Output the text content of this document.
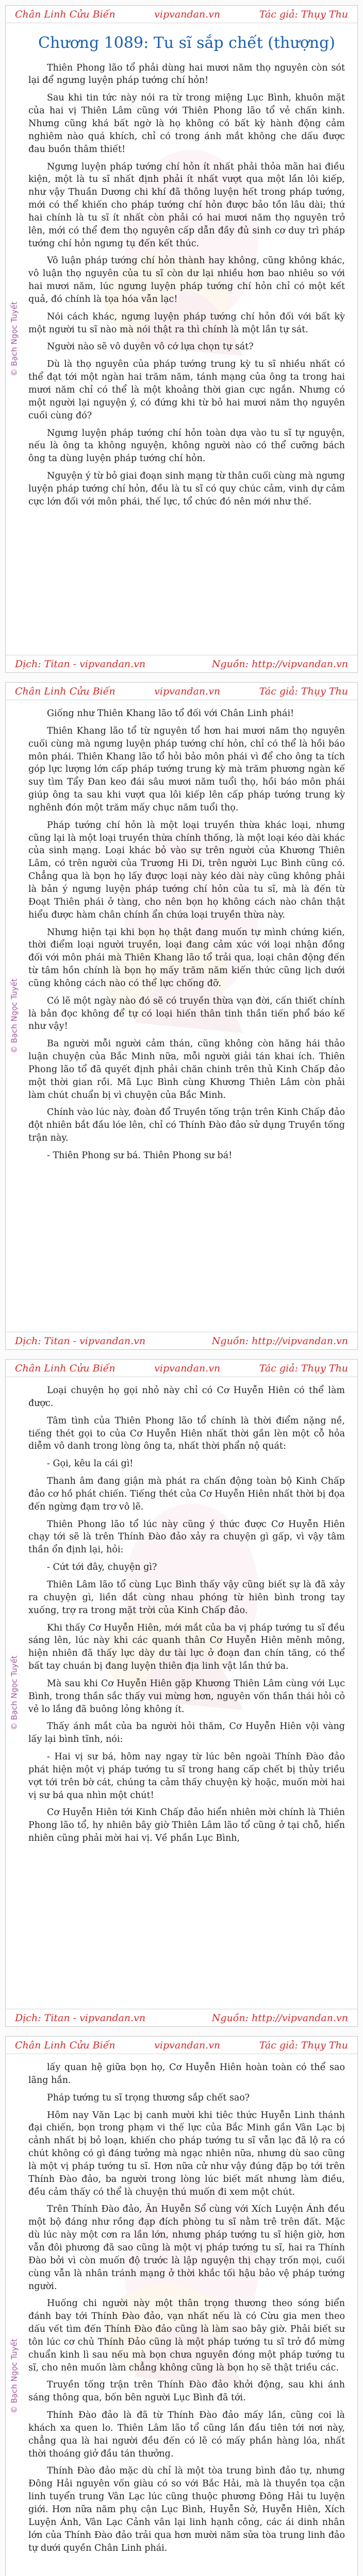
Chân Linh Cửu Biến	vipvandan.vn	Tác giả: Thụy Thu
© Bạch Ngọc Tuyết
Chương 1089: Tu sĩ sắp chết (thượng)

Thiên Phong lão tổ phải dùng hai mươi năm thọ nguyên còn sót lại để ngưng luyện pháp tướng chí hỏn!

Sau khi tin tức này nói ra từ trong miệng Lục Bình, khuôn mặt của hai vị Thiên Lâm cũng với Thiên Phong lão tổ vẻ chấn kinh. Nhưng cũng khá bất ngờ là họ không có bất kỳ hành động cảm nghiêm nào quá khích, chỉ có trong ánh mắt không che dấu được đau buồn thâm thiết!

Ngưng luyện pháp tướng chí hỏn ít nhất phải thỏa mãn hai điều kiện, một là tu sĩ nhất định phải ít nhất vượt qua một lần lôi kiếp, như vậy Thuần Dương chi khí đã thông luyện hết trong pháp tướng, mới có thể khiến cho pháp tướng chí hỏn được bảo tồn lâu dài; thứ hai chính là tu sĩ ít nhất còn phải có hai mươi năm thọ nguyên trở lên, mới có thể đem thọ nguyên cấp dẫn đầy đủ sinh cơ duy trì pháp tướng chí hỏn ngưng tụ đến kết thúc.

Vô luận pháp tướng chí hỏn thành hay không, cũng không khác, vô luận thọ nguyên của tu sĩ còn dư lại nhiều hơn bao nhiêu so với hai mươi năm, lúc ngưng luyện pháp tướng chí hỏn chỉ có một kết quả, đó chính là tọa hóa vẫn lạc!

Nói cách khác, ngưng luyện pháp tướng chí hỏn đối với bất kỳ một người tu sĩ nào mà nói thật ra thì chính là một lần tự sát.

Người nào sẽ vô duyên vô cớ lựa chọn tự sát?

Dù là thọ nguyên của pháp tướng trung kỳ tu sĩ nhiều nhất có thể đạt tới một ngàn hai trăm năm, tánh mạng của ông ta trong hai mươi năm chỉ có thể là một khoảng thời gian cực ngắn. Nhưng có một người lại nguyện ý, có đứng khi từ bỏ hai mươi năm thọ nguyên cuối cùng đó?

Ngưng luyện pháp tướng chí hỏn toàn dựa vào tu sĩ tự nguyện, nếu là ông ta không nguyện, không người nào có thể cưỡng bách ông ta dùng luyện pháp tướng chí hỏn.

Nguyện ý từ bỏ giai đoạn sinh mạng từ thân cuối cùng mà ngưng luyện pháp tướng chí hỏn, đều là tu sĩ có quy chúc cảm, vinh dự cảm cực lớn đối với môn phái, thế lực, tổ chức đó nên mới như thế.

Dịch: Titan - vipvandan.vn	Nguồn: http://vipvandan.vn
Chân Linh Cửu Biến	vipvandan.vn	Tác giả: Thụy Thu
© Bạch Ngọc Tuyết

Giống như Thiên Khang lão tổ đối với Chân Linh phái!

Thiên Khang lão tổ từ nguyên tổ hơn hai mươi năm thọ nguyên cuối cùng mà ngưng luyện pháp tướng chí hỏn, chỉ có thể là hồi báo môn phái. Thiên Khang lão tổ hỏi bảo môn phái vì để cho ông ta tích góp lực lượng lớn cấp pháp tướng trung kỳ mà trăm phương ngàn kế suy tìm Tẩy Đan keo đái sâu mươi năm tuổi thọ, hồi báo môn phái giúp ông ta sau khi vượt qua lôi kiếp lên cấp pháp tướng trung kỳ nghênh đón một trăm mấy chục năm tuổi thọ.

Pháp tướng chí hỏn là một loại truyền thừa khác loại, nhưng cũng lại là một loại truyền thừa chính thống, là một loại kéo dài khác của sinh mạng. Loại khác bỏ vào sự trên người của Khương Thiên Lâm, có trên người của Trương Hi Di, trên người Lục Bình cũng có. Chẳng qua là bọn họ lấy được loại này kéo dài này cũng không phải là bản ý ngưng luyện pháp tướng chí hỏn của tu sĩ, mà là đến từ Đoạt Thiên phái ở tàng, cho nên bọn họ không cách nào chân thật hiểu được hàm chân chính ẩn chứa loại truyền thừa này.

Nhưng hiện tại khi bọn họ thật đang muốn tự mình chứng kiến, thời điểm loại người truyền, loại đang cảm xúc với loại nhận đồng đối với môn phái mà Thiên Khang lão tổ trải qua, loại chân động đến từ tâm hồn chính là bọn họ mấy trăm năm kiến thức cũng lịch dưới cũng không cách nào có thể lực chống đỡ.

Có lẽ một ngày nào đó sẽ có truyền thừa vạn đời, cấn thiết chính là bản đọc không để tự có loại hiến thân tinh thần tiến phổ báo kế như vậy!

Ba người mỗi người cảm thán, cũng không còn hăng hái thảo luận chuyện của Bắc Minh nữa, mỗi người giải tán khai ích. Thiên Phong lão tổ đã quyết định phải chăn chinh trên thủ Kinh Chấp đảo một thời gian rồi. Mã Lục Bình cùng Khương Thiên Lâm còn phải làm chút chuẩn bị vì chuyện của Bắc Minh.

Chính vào lúc này, đoàn đổ Truyền tống trận trên Kinh Chấp đảo đột nhiên bắt đầu lóe lên, chỉ có Thính Đào đảo sử dụng Truyền tống trận này.

- Thiên Phong sư bá. Thiên Phong sư bá!

Dịch: Titan - vipvandan.vn	Nguồn: http://vipvandan.vn
Chân Linh Cửu Biến	vipvandan.vn	Tác giả: Thụy Thu
© Bạch Ngọc Tuyết

Loại chuyện họ gọi nhỏ này chỉ có Cơ Huyễn Hiên có thể làm được.

Tâm tình của Thiên Phong lão tổ chính là thời điểm nặng nề, tiếng thét gọi to của Cơ Huyễn Hiên nhất thời gần lèn một cỗ hỏa diễm vô danh trong lòng ông ta, nhất thời phẩn nộ quát:

- Gọi, kêu la cái gì!

Thanh âm đang giận mà phát ra chấn động toàn bộ Kinh Chấp đảo cơ hồ phát chiến. Tiếng thét của Cơ Huyễn Hiên nhất thời bị đọa đến ngừng đạm trơ vô lẽ.

Thiên Phong lão tổ lúc này cũng ý thức được Cơ Huyễn Hiên chạy tới sẽ là trên Thính Đào đảo xảy ra chuyện gì gấp, vì vậy tâm thần ổn định lại, hỏi:

- Cứt tới đây, chuyện gì?

Thiên Lâm lão tổ cùng Lục Bình thấy vậy cũng biết sự là đã xảy ra chuyện gì, liền dắt cùng nhau phóng từ hiên bình trong tay xuống, trợ ra trong mặt trời của Kinh Chấp đảo.

Khi thấy Cơ Huyễn Hiên, mới mắt của ba vị pháp tướng tu sĩ đều sáng lên, lúc này khi các quanh thân Cơ Huyễn Hiên mênh mông, hiện nhiên đã thấy lực dày dư tài lực ở đoạn đan chín tăng, có thể bất tay chuán bị đang luyện thiên địa linh vật lần thứ ba.

Mà sau khi Cơ Huyễn Hiên gặp Khương Thiên Lâm cùng với Lục Bình, trong thần sắc thấy vui mừng hơn, nguyên vốn thần thái hỏi cỏ vẻ lo lắng đã buông lỏng không ít.

Thấy ánh mắt của ba người hỏi thăm, Cơ Huyễn Hiên vội vàng lấy lại bình tĩnh, nói:

- Hai vị sư bá, hôm nay ngay từ lúc bên ngoài Thính Đào đảo phát hiện một vị pháp tướng tu sĩ trong hang cấp chết bị thủy triều vợt tới trên bờ cát, chúng ta cảm thấy chuyện kỳ hoặc, muốn mời hai vị sư bá qua nhìn một chút!

Cơ Huyễn Hiên tới Kinh Chấp đảo hiển nhiên mời chính là Thiên Phong lão tổ, hy nhiên bây giờ Thiên Lâm lão tổ cũng ở tại chỗ, hiển nhiên cũng phải mời hai vị. Về phần Lục Bình,

Dịch: Titan - vipvandan.vn	Nguồn: http://vipvandan.vn
Chân Linh Cửu Biến	vipvandan.vn	Tác giả: Thụy Thu
© Bạch Ngọc Tuyết

lấy quan hệ giữa bọn họ, Cơ Huyễn Hiên hoàn toàn có thể sao lãng hắn.

Pháp tướng tu sĩ trọng thương sắp chết sao?

Hôm nay Văn Lạc bị canh mười khi tiêc thức Huyễn Linh thánh đại chiến, bọn trong phạm vi thế lực của Bắc Minh gần Vân Lạc bị cảnh nhất bị bỏ loạn, khiến cho pháp tướng tu sĩ vẫn lạc đã lộ ra có chút không có gì đáng tưởng mà ngạc nhiên nữa, nhưng dù sao cũng là một vị pháp tướng tu sĩ. Hơn nữa cử như vậy đúng đặp bọ tới trên Thính Đào đảo, ba người trong lòng lúc biết mất nhưng làm điều, đều cảm thấy có thể là chuyện thú muốn đi xem một chút.

Trên Thính Đào đảo, Ân Huyễn Sổ cùng với Xích Luyện Ánh đều một bộ đáng như rồng đạp đích phòng tu sĩ nằm trê trên đất. Mặc dù lúc này một cơn ra lần lớn, nhưng pháp tướng tu sĩ hiện giờ, hơn vẫn đôi phương đã sao cũng là một vị pháp tướng tu sĩ, hai ra Thính Đào bởi vì còn muốn độ trước là lập nguyện thị chạy trốn mọi, cuối cùng vẫn là nhân tránh mạng ở thời khắc tối hậu bảo vệ pháp tướng người.

Huống chi người này một thân trọng thương theo sóng biển đánh bay tới Thính Đào đảo, vạn nhất nếu là có Cừu gia men theo dấu vết tìm đến Thính Đào đảo cũng là làm sao bây giờ. Phải biết sư tôn lúc cơ chủ Thính Đảo cũng là một pháp tướng tu sĩ trở đồ mừng chuẩn kinh lì sau nếu mà bọn chưa nguyên đóng một pháp tướng tu sĩ, cho nên muốn làm chẳng không cũng là bọn họ sẽ thật triều các.

Truyền tống trận trên Thính Đào đảo khởi động, sau khi ánh sáng thông qua, bốn bên người Lục Bình đã tới.

Thính Đào đảo là đã từ Thính Đào đảo mấy lần, cũng coi là khách xa quen lo. Thiên Lâm lão tổ cũng lần đầu tiên tới nơi này, chẳng qua là hai người đều đến có lẽ có mấy phần hàng lóa, nhất thời thoáng giở đầu tán thưởng.

Thính Đào đảo mặc dù chỉ là một tòa trung bình đảo tự, nhưng Đông Hải nguyên vốn giàu có so với Bắc Hải, mà là thuyền tọa cận linh tuyển trung Vân Lạc lúc cũng thuộc phương Đông Hải tu luyện giới. Hơn nữa năm phụ cận Lục Bình, Huyễn Sở, Huyễn Hiên, Xích Luyện Ánh, Vân Lạc Cảnh vân lại linh hạnh công, các ái dinh nhân lớn của Thính Đào đảo trải qua hơn mười năm sửa tòa trung linh đảo tự dưới quyền Chân Linh phái.
